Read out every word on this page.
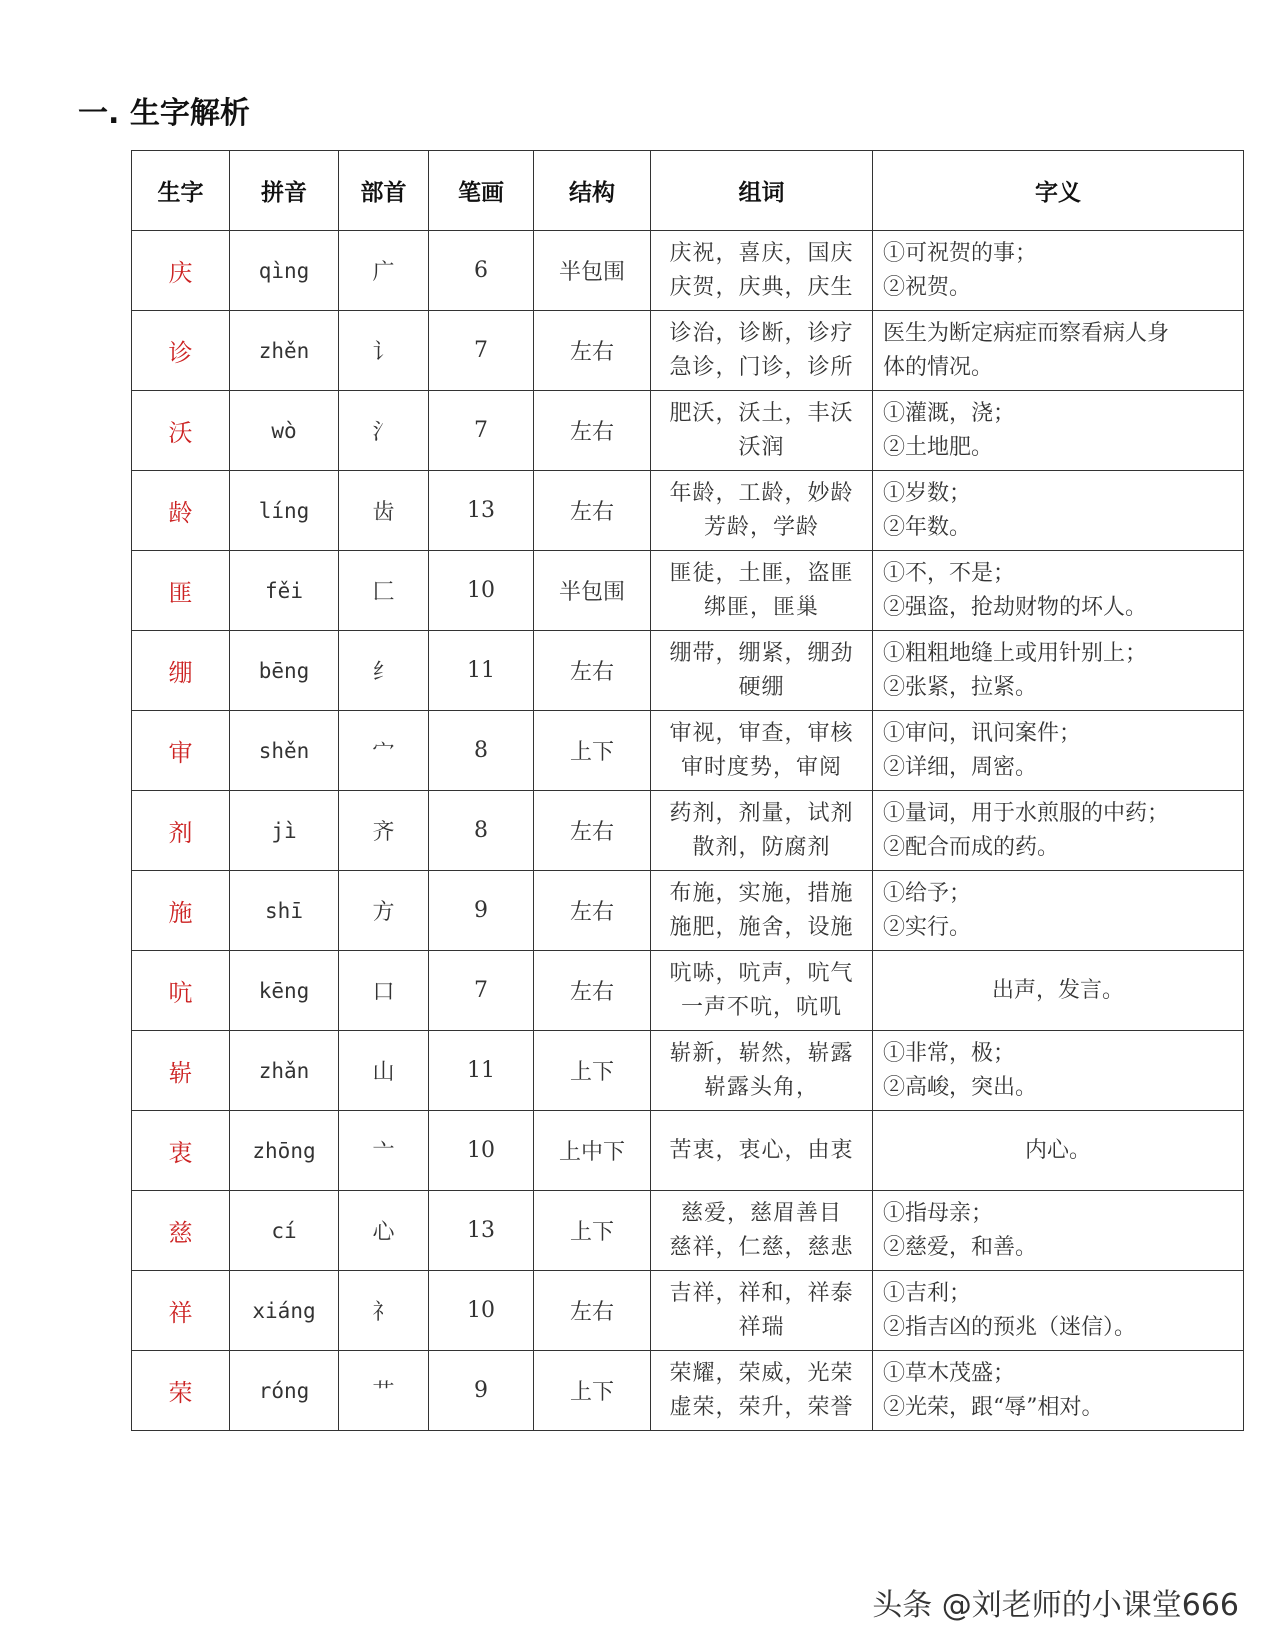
一. 生字解析
生字	拼音	部首	笔画	结构	组词	字义
庆	qìng	广	6	半包围	庆祝，喜庆，国庆
庆贺，庆典，庆生	①可祝贺的事；
②祝贺。

诊	zhěn	讠	7	左右	诊治，诊断，诊疗
急诊，门诊，诊所	医生为断定病症而察看病人身
体的情况。

沃	wò	氵	7	左右	肥沃，沃土，丰沃
沃润	①灌溉，浇；
②土地肥。

龄	líng	齿	13	左右	年龄，工龄，妙龄
芳龄，学龄	①岁数；
②年数。

匪	fěi	匚	10	半包围	匪徒，土匪，盗匪
绑匪，匪巢	①不，不是；
②强盗，抢劫财物的坏人。

绷	bēng	纟	11	左右	绷带，绷紧，绷劲
硬绷	①粗粗地缝上或用针别上；
②张紧，拉紧。

审	shěn	宀	8	上下	审视，审查，审核
审时度势，审阅	①审问，讯问案件；
②详细，周密。

剂	jì	齐	8	左右	药剂，剂量，试剂
散剂，防腐剂	①量词，用于水煎服的中药；
②配合而成的药。

施	shī	方	9	左右	布施，实施，措施
施肥，施舍，设施	①给予；
②实行。

吭	kēng	口	7	左右	吭哧，吭声，吭气
一声不吭，吭叽	出声，发言。

崭	zhǎn	山	11	上下	崭新，崭然，崭露
崭露头角，	①非常，极；
②高峻，突出。

衷	zhōng	亠	10	上中下	苦衷，衷心，由衷	内心。

慈	cí	心	13	上下	慈爱，慈眉善目
慈祥，仁慈，慈悲	①指母亲；
②慈爱，和善。

祥	xiáng	礻	10	左右	吉祥，祥和，祥泰
祥瑞	①吉利；
②指吉凶的预兆（迷信）。

荣	róng	艹	9	上下	荣耀，荣威，光荣
虚荣，荣升，荣誉	①草木茂盛；
②光荣，跟“辱”相对。
头条 @刘老师的小课堂666
